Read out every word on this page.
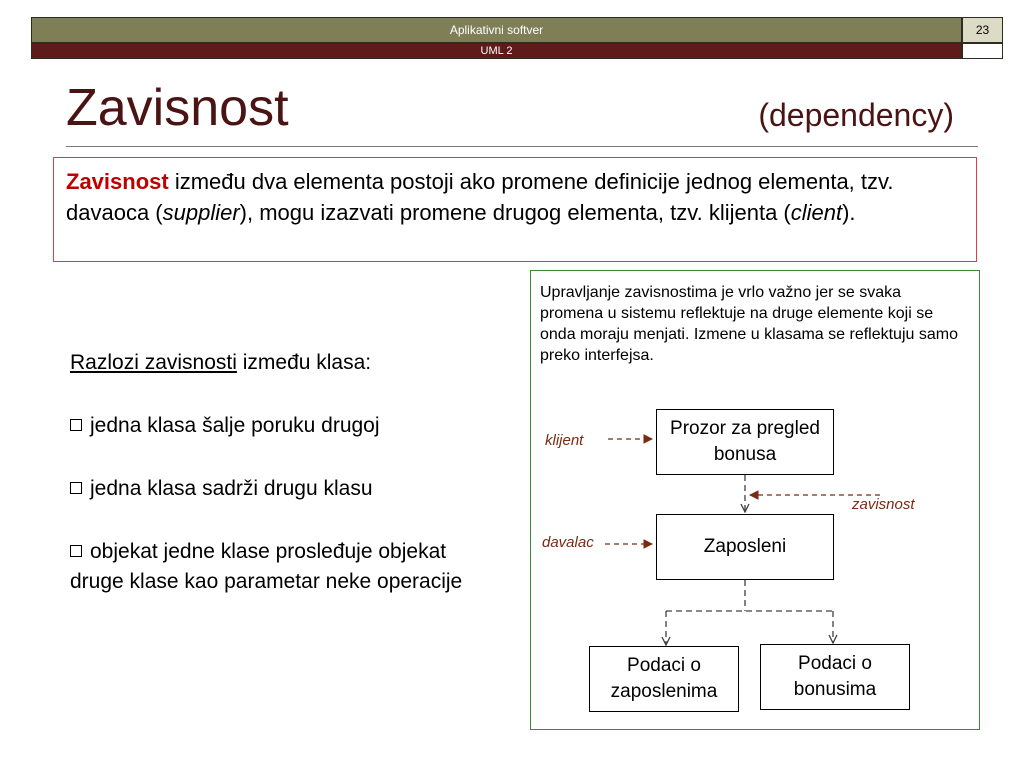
Aplikativni softver	23
UML 2
Zavisnost	(dependency)
Zavisnost između dva elementa postoji ako promene definicije jednog elementa, tzv. davaoca (supplier), mogu izazvati promene drugog elementa, tzv. klijenta (client).

Razlozi zavisnosti između klasa:

jedna klasa šalje poruku drugoj

jedna klasa sadrži drugu klasu

objekat jedne klase prosleđuje objekat druge klase kao parametar neke operacije

Upravljanje zavisnostima je vrlo važno jer se svaka promena u sistemu reflektuje na druge elemente koji se onda moraju menjati. Izmene u klasama se reflektuju samo preko interfejsa.
Prozor za pregled bonusa
Zaposleni
Podaci o zaposlenima
Podaci o bonusima
klijent
zavisnost
davalac
